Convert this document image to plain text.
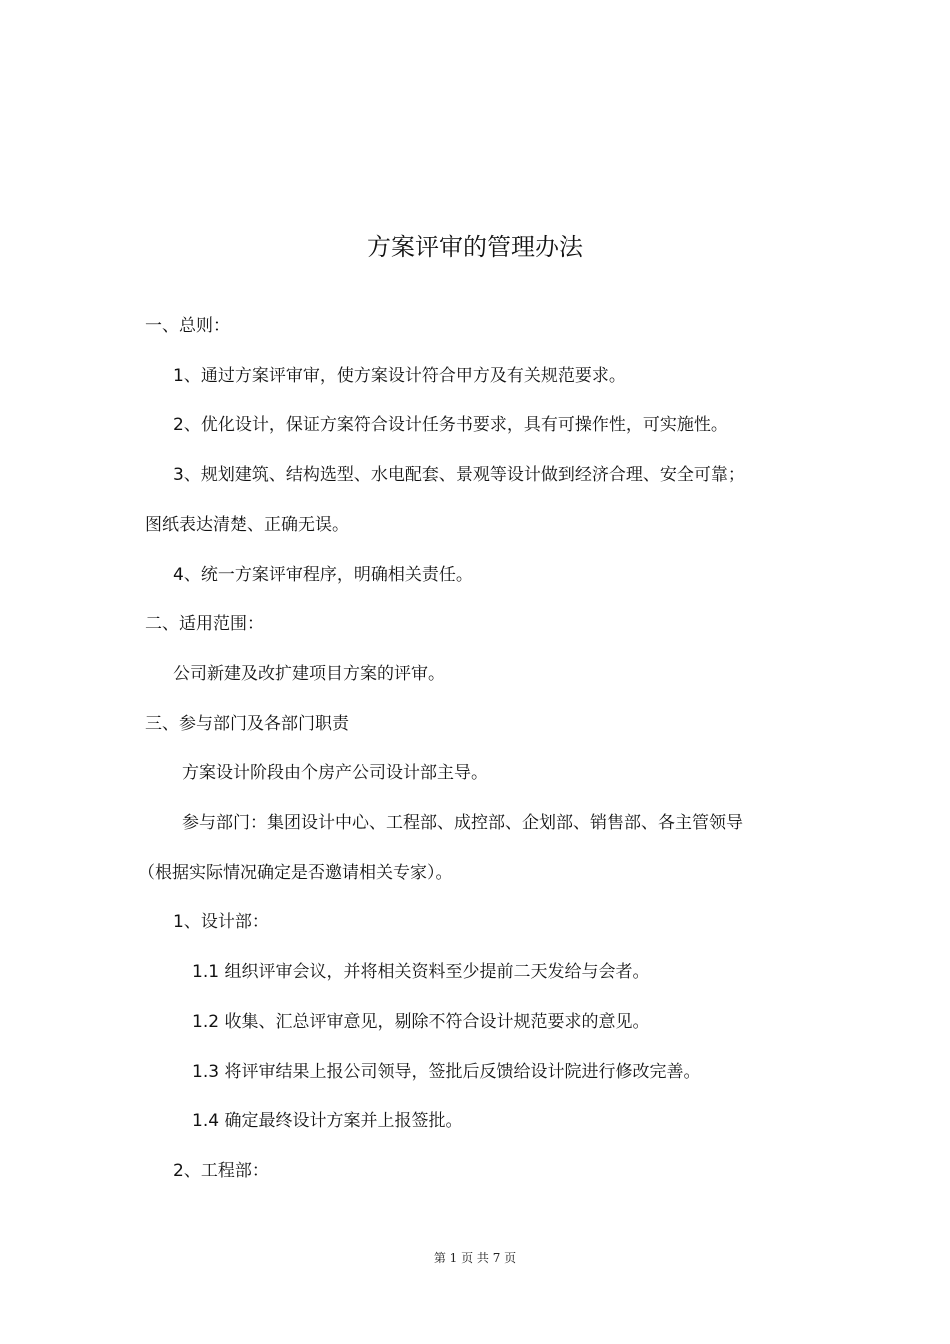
方案评审的管理办法

一、总则：

1、通过方案评审审，使方案设计符合甲方及有关规范要求。

2、优化设计，保证方案符合设计任务书要求，具有可操作性，可实施性。

3、规划建筑、结构选型、水电配套、景观等设计做到经济合理、安全可靠；

图纸表达清楚、正确无误。

4、统一方案评审程序，明确相关责任。

二、适用范围：

公司新建及改扩建项目方案的评审。

三、参与部门及各部门职责

方案设计阶段由个房产公司设计部主导。

参与部门：集团设计中心、工程部、成控部、企划部、销售部、各主管领导

（根据实际情况确定是否邀请相关专家）。

1、设计部：

1.1 组织评审会议，并将相关资料至少提前二天发给与会者。

1.2 收集、汇总评审意见，剔除不符合设计规范要求的意见。

1.3 将评审结果上报公司领导，签批后反馈给设计院进行修改完善。

1.4 确定最终设计方案并上报签批。

2、工程部：

第 1 页 共 7 页
